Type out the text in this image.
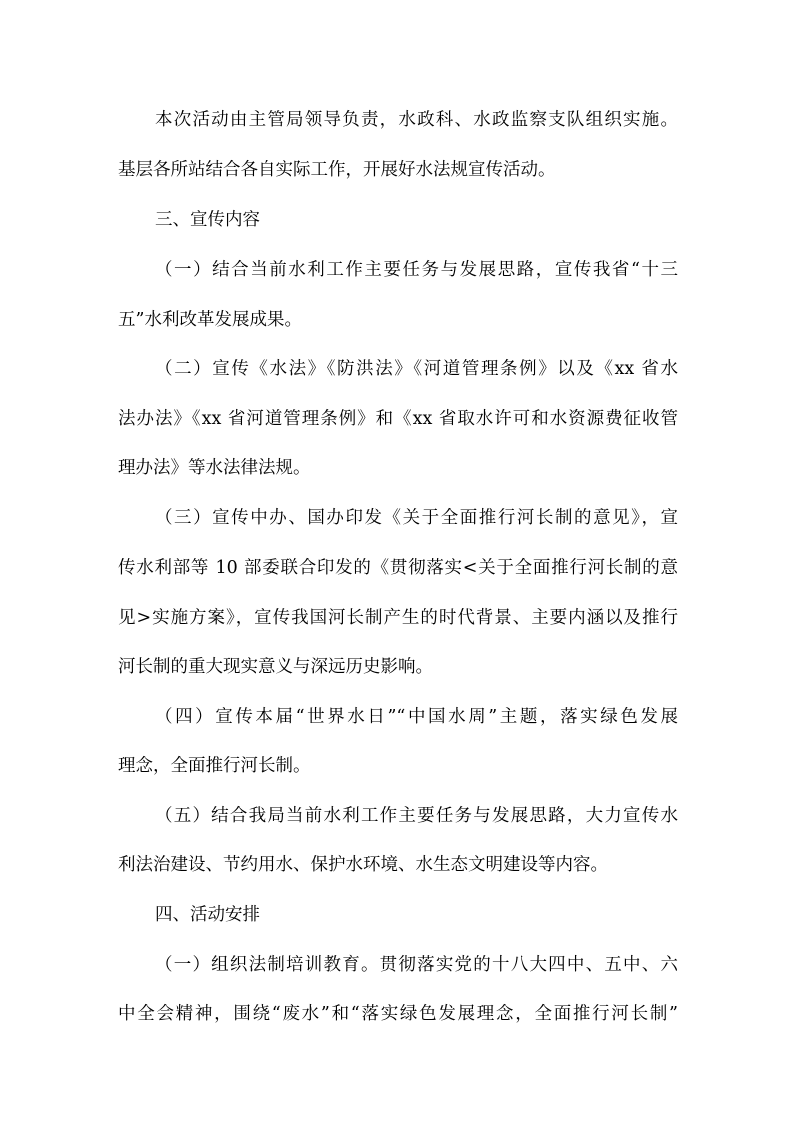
本次活动由主管局领导负责，水政科、水政监察支队组织实施。
基层各所站结合各自实际工作，开展好水法规宣传活动。
三、宣传内容
（一）结合当前水利工作主要任务与发展思路，宣传我省“十三
五”水利改革发展成果。
（二）宣传《水法》《防洪法》《河道管理条例》以及《xx 省水
法办法》《xx 省河道管理条例》和《xx 省取水许可和水资源费征收管
理办法》等水法律法规。
（三）宣传中办、国办印发《关于全面推行河长制的意见》，宣
传水利部等 10 部委联合印发的《贯彻落实<关于全面推行河长制的意
见>实施方案》，宣传我国河长制产生的时代背景、主要内涵以及推行
河长制的重大现实意义与深远历史影响。
（四）宣传本届“世界水日”“中国水周”主题，落实绿色发展
理念，全面推行河长制。
（五）结合我局当前水利工作主要任务与发展思路，大力宣传水
利法治建设、节约用水、保护水环境、水生态文明建设等内容。
四、活动安排
（一）组织法制培训教育。贯彻落实党的十八大四中、五中、六
中全会精神，围绕“废水”和“落实绿色发展理念，全面推行河长制”
